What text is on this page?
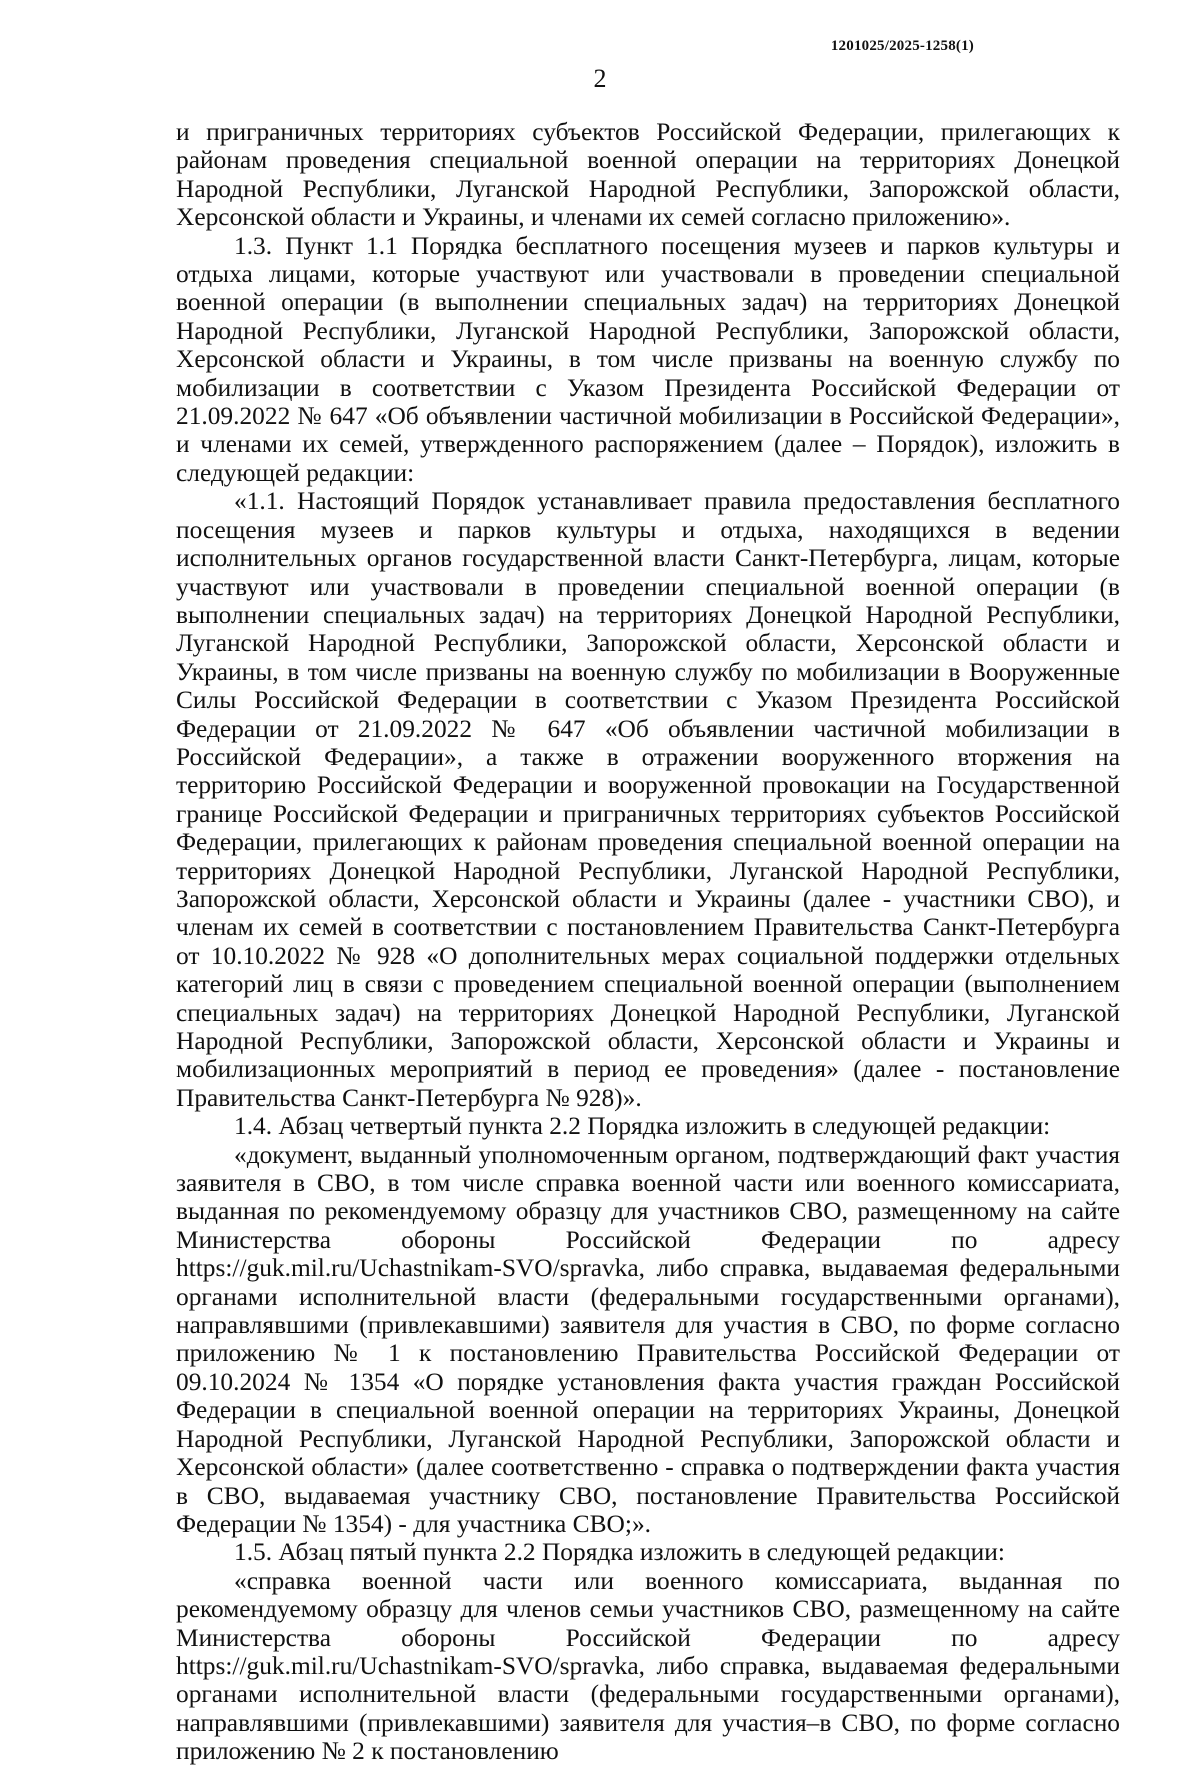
1201025/2025-1258(1)
2

и приграничных территориях субъектов Российской Федерации, прилегающих к районам проведения специальной военной операции на территориях Донецкой Народной Республики, Луганской Народной Республики, Запорожской области, Херсонской области и Украины, и членами их семей согласно приложению».

1.3. Пункт 1.1 Порядка бесплатного посещения музеев и парков культуры и отдыха лицами, которые участвуют или участвовали в проведении специальной военной операции (в выполнении специальных задач) на территориях Донецкой Народной Республики, Луганской Народной Республики, Запорожской области, Херсонской области и Украины, в том числе призваны на военную службу по мобилизации в соответствии с Указом Президента Российской Федерации от 21.09.2022 № 647 «Об объявлении частичной мобилизации в Российской Федерации», и членами их семей, утвержденного распоряжением (далее – Порядок), изложить в следующей редакции:

«1.1. Настоящий Порядок устанавливает правила предоставления бесплатного посещения музеев и парков культуры и отдыха, находящихся в ведении исполнительных органов государственной власти Санкт-Петербурга, лицам, которые участвуют или участвовали в проведении специальной военной операции (в выполнении специальных задач) на территориях Донецкой Народной Республики, Луганской Народной Республики, Запорожской области, Херсонской области и Украины, в том числе призваны на военную службу по мобилизации в Вооруженные Силы Российской Федерации в соответствии с Указом Президента Российской Федерации от 21.09.2022 № 647 «Об объявлении частичной мобилизации в Российской Федерации», а также в отражении вооруженного вторжения на территорию Российской Федерации и вооруженной провокации на Государственной границе Российской Федерации и приграничных территориях субъектов Российской Федерации, прилегающих к районам проведения специальной военной операции на территориях Донецкой Народной Республики, Луганской Народной Республики, Запорожской области, Херсонской области и Украины (далее - участники СВО), и членам их семей в соответствии с постановлением Правительства Санкт-Петербурга от 10.10.2022 № 928 «О дополнительных мерах социальной поддержки отдельных категорий лиц в связи с проведением специальной военной операции (выполнением специальных задач) на территориях Донецкой Народной Республики, Луганской Народной Республики, Запорожской области, Херсонской области и Украины и мобилизационных мероприятий в период ее проведения» (далее - постановление Правительства Санкт-Петербурга № 928)».

1.4. Абзац четвертый пункта 2.2 Порядка изложить в следующей редакции:

«документ, выданный уполномоченным органом, подтверждающий факт участия заявителя в СВО, в том числе справка военной части или военного комиссариата, выданная по рекомендуемому образцу для участников СВО, размещенному на сайте Министерства обороны Российской Федерации по адресу https://guk.mil.ru/Uchastnikam-SVO/spravka, либо справка, выдаваемая федеральными органами исполнительной власти (федеральными государственными органами), направлявшими (привлекавшими) заявителя для участия в СВО, по форме согласно приложению № 1 к постановлению Правительства Российской Федерации от 09.10.2024 № 1354 «О порядке установления факта участия граждан Российской Федерации в специальной военной операции на территориях Украины, Донецкой Народной Республики, Луганской Народной Республики, Запорожской области и Херсонской области» (далее соответственно - справка о подтверждении факта участия в СВО, выдаваемая участнику СВО, постановление Правительства Российской Федерации № 1354) - для участника СВО;».

1.5. Абзац пятый пункта 2.2 Порядка изложить в следующей редакции:

«справка военной части или военного комиссариата, выданная по рекомендуемому образцу для членов семьи участников СВО, размещенному на сайте Министерства обороны Российской Федерации по адресу https://guk.mil.ru/Uchastnikam-SVO/spravka, либо справка, выдаваемая федеральными органами исполнительной власти (федеральными государственными органами), направлявшими (привлекавшими) заявителя для участия–в СВО, по форме согласно приложению № 2 к постановлению
